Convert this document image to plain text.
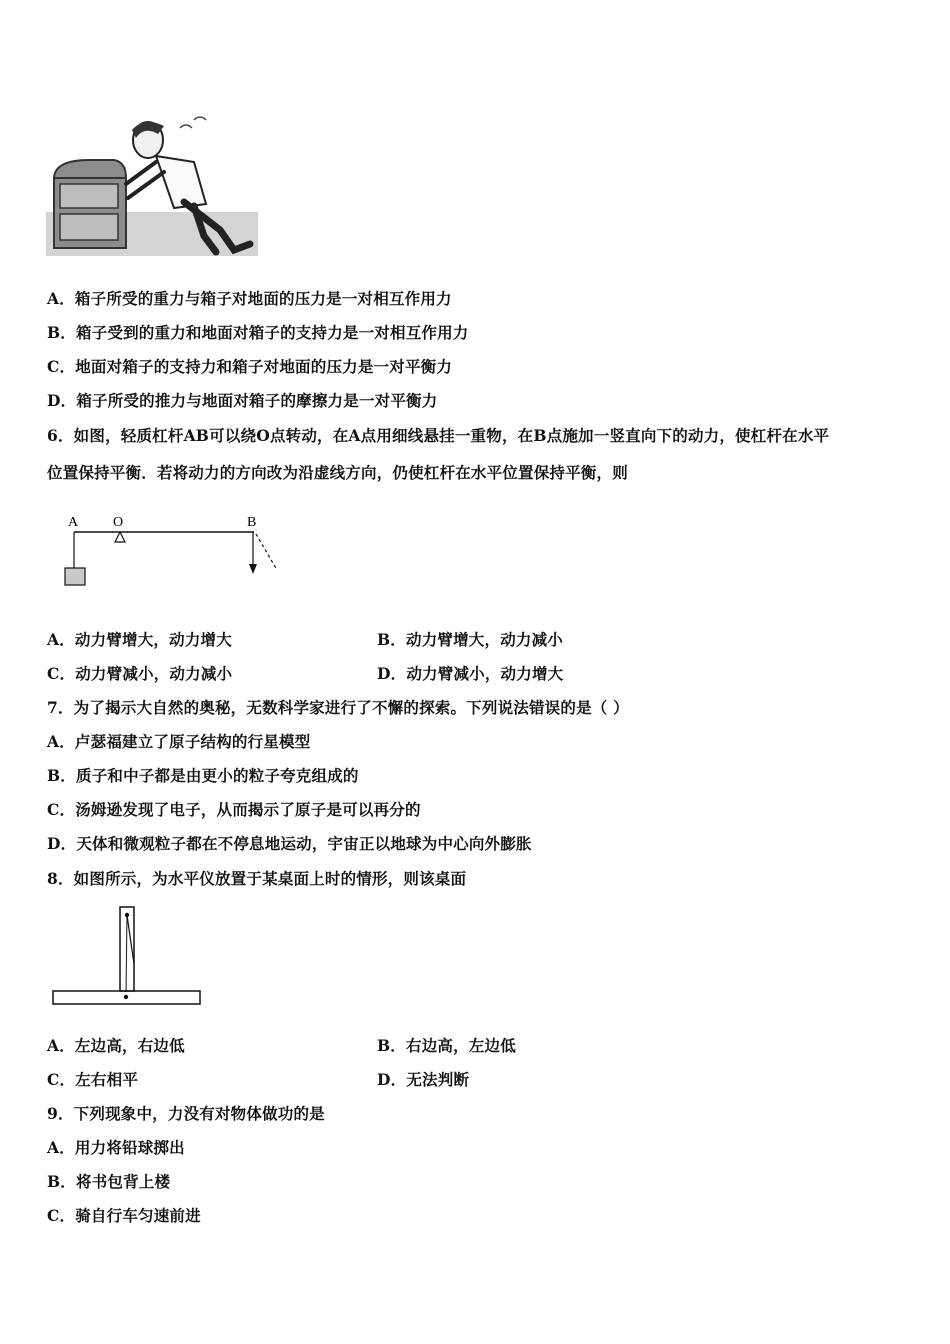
A．箱子所受的重力与箱子对地面的压力是一对相互作用力
B．箱子受到的重力和地面对箱子的支持力是一对相互作用力
C．地面对箱子的支持力和箱子对地面的压力是一对平衡力
D．箱子所受的推力与地面对箱子的摩擦力是一对平衡力
6．如图，轻质杠杆AB可以绕O点转动，在A点用细线悬挂一重物，在B点施加一竖直向下的动力，使杠杆在水平
位置保持平衡．若将动力的方向改为沿虚线方向，仍使杠杆在水平位置保持平衡，则
A O	B
A．动力臂增大，动力增大	B．动力臂增大，动力减小
C．动力臂减小，动力减小	D．动力臂减小，动力增大
7．为了揭示大自然的奥秘，无数科学家进行了不懈的探索。下列说法错误的是（ ）
A．卢瑟福建立了原子结构的行星模型
B．质子和中子都是由更小的粒子夸克组成的
C．汤姆逊发现了电子，从而揭示了原子是可以再分的
D．天体和微观粒子都在不停息地运动，宇宙正以地球为中心向外膨胀
8．如图所示，为水平仪放置于某桌面上时的情形，则该桌面
A．左边高，右边低	B．右边高，左边低
C．左右相平	D．无法判断
9．下列现象中，力没有对物体做功的是
A．用力将铅球掷出
B．将书包背上楼
C．骑自行车匀速前进
